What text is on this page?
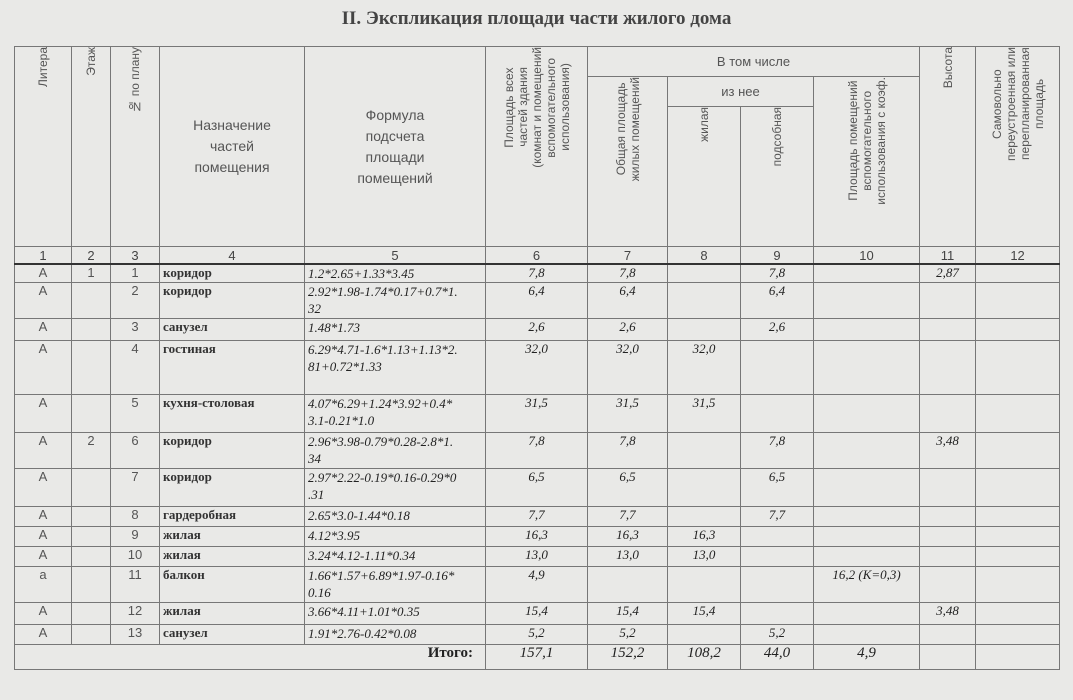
II. Экспликация площади части жилого дома
Литера	Этаж	№ по плану	Назначение
частей
помещения	Формула
подсчета
площади
помещений	Площадь всех
частей здания
(комнат и помещений
вспомогательного
использования)	В том числе				Высота	Самовольно
переустроенная или
перепланированная
площадь

						Общая площадь
жилых помещений	из нее		Площадь помещений
вспомогательного
использования с коэф.		

							жилая	подсобная			

1	2	3	4	5	6	7	8	9	10	11	12
А	1	1	коридор	1.2*2.65+1.33*3.45	7,8	7,8		7,8		2,87	
А		2	коридор	2.92*1.98-1.74*0.17+0.7*1.
32	6,4	6,4		6,4			
А		3	санузел	1.48*1.73	2,6	2,6		2,6			
А		4	гостиная	6.29*4.71-1.6*1.13+1.13*2.
81+0.72*1.33	32,0	32,0	32,0				
А		5	кухня-столовая	4.07*6.29+1.24*3.92+0.4*
3.1-0.21*1.0	31,5	31,5	31,5				
А	2	6	коридор	2.96*3.98-0.79*0.28-2.8*1.
34	7,8	7,8		7,8		3,48	
А		7	коридор	2.97*2.22-0.19*0.16-0.29*0
.31	6,5	6,5		6,5			
А		8	гардеробная	2.65*3.0-1.44*0.18	7,7	7,7		7,7			
А		9	жилая	4.12*3.95	16,3	16,3	16,3				
А		10	жилая	3.24*4.12-1.11*0.34	13,0	13,0	13,0				
а		11	балкон	1.66*1.57+6.89*1.97-0.16*
0.16	4,9				16,2 (К=0,3)		
А		12	жилая	3.66*4.11+1.01*0.35	15,4	15,4	15,4			3,48	
А		13	санузел	1.91*2.76-0.42*0.08	5,2	5,2		5,2			
Итого:					157,1	152,2	108,2	44,0	4,9		
